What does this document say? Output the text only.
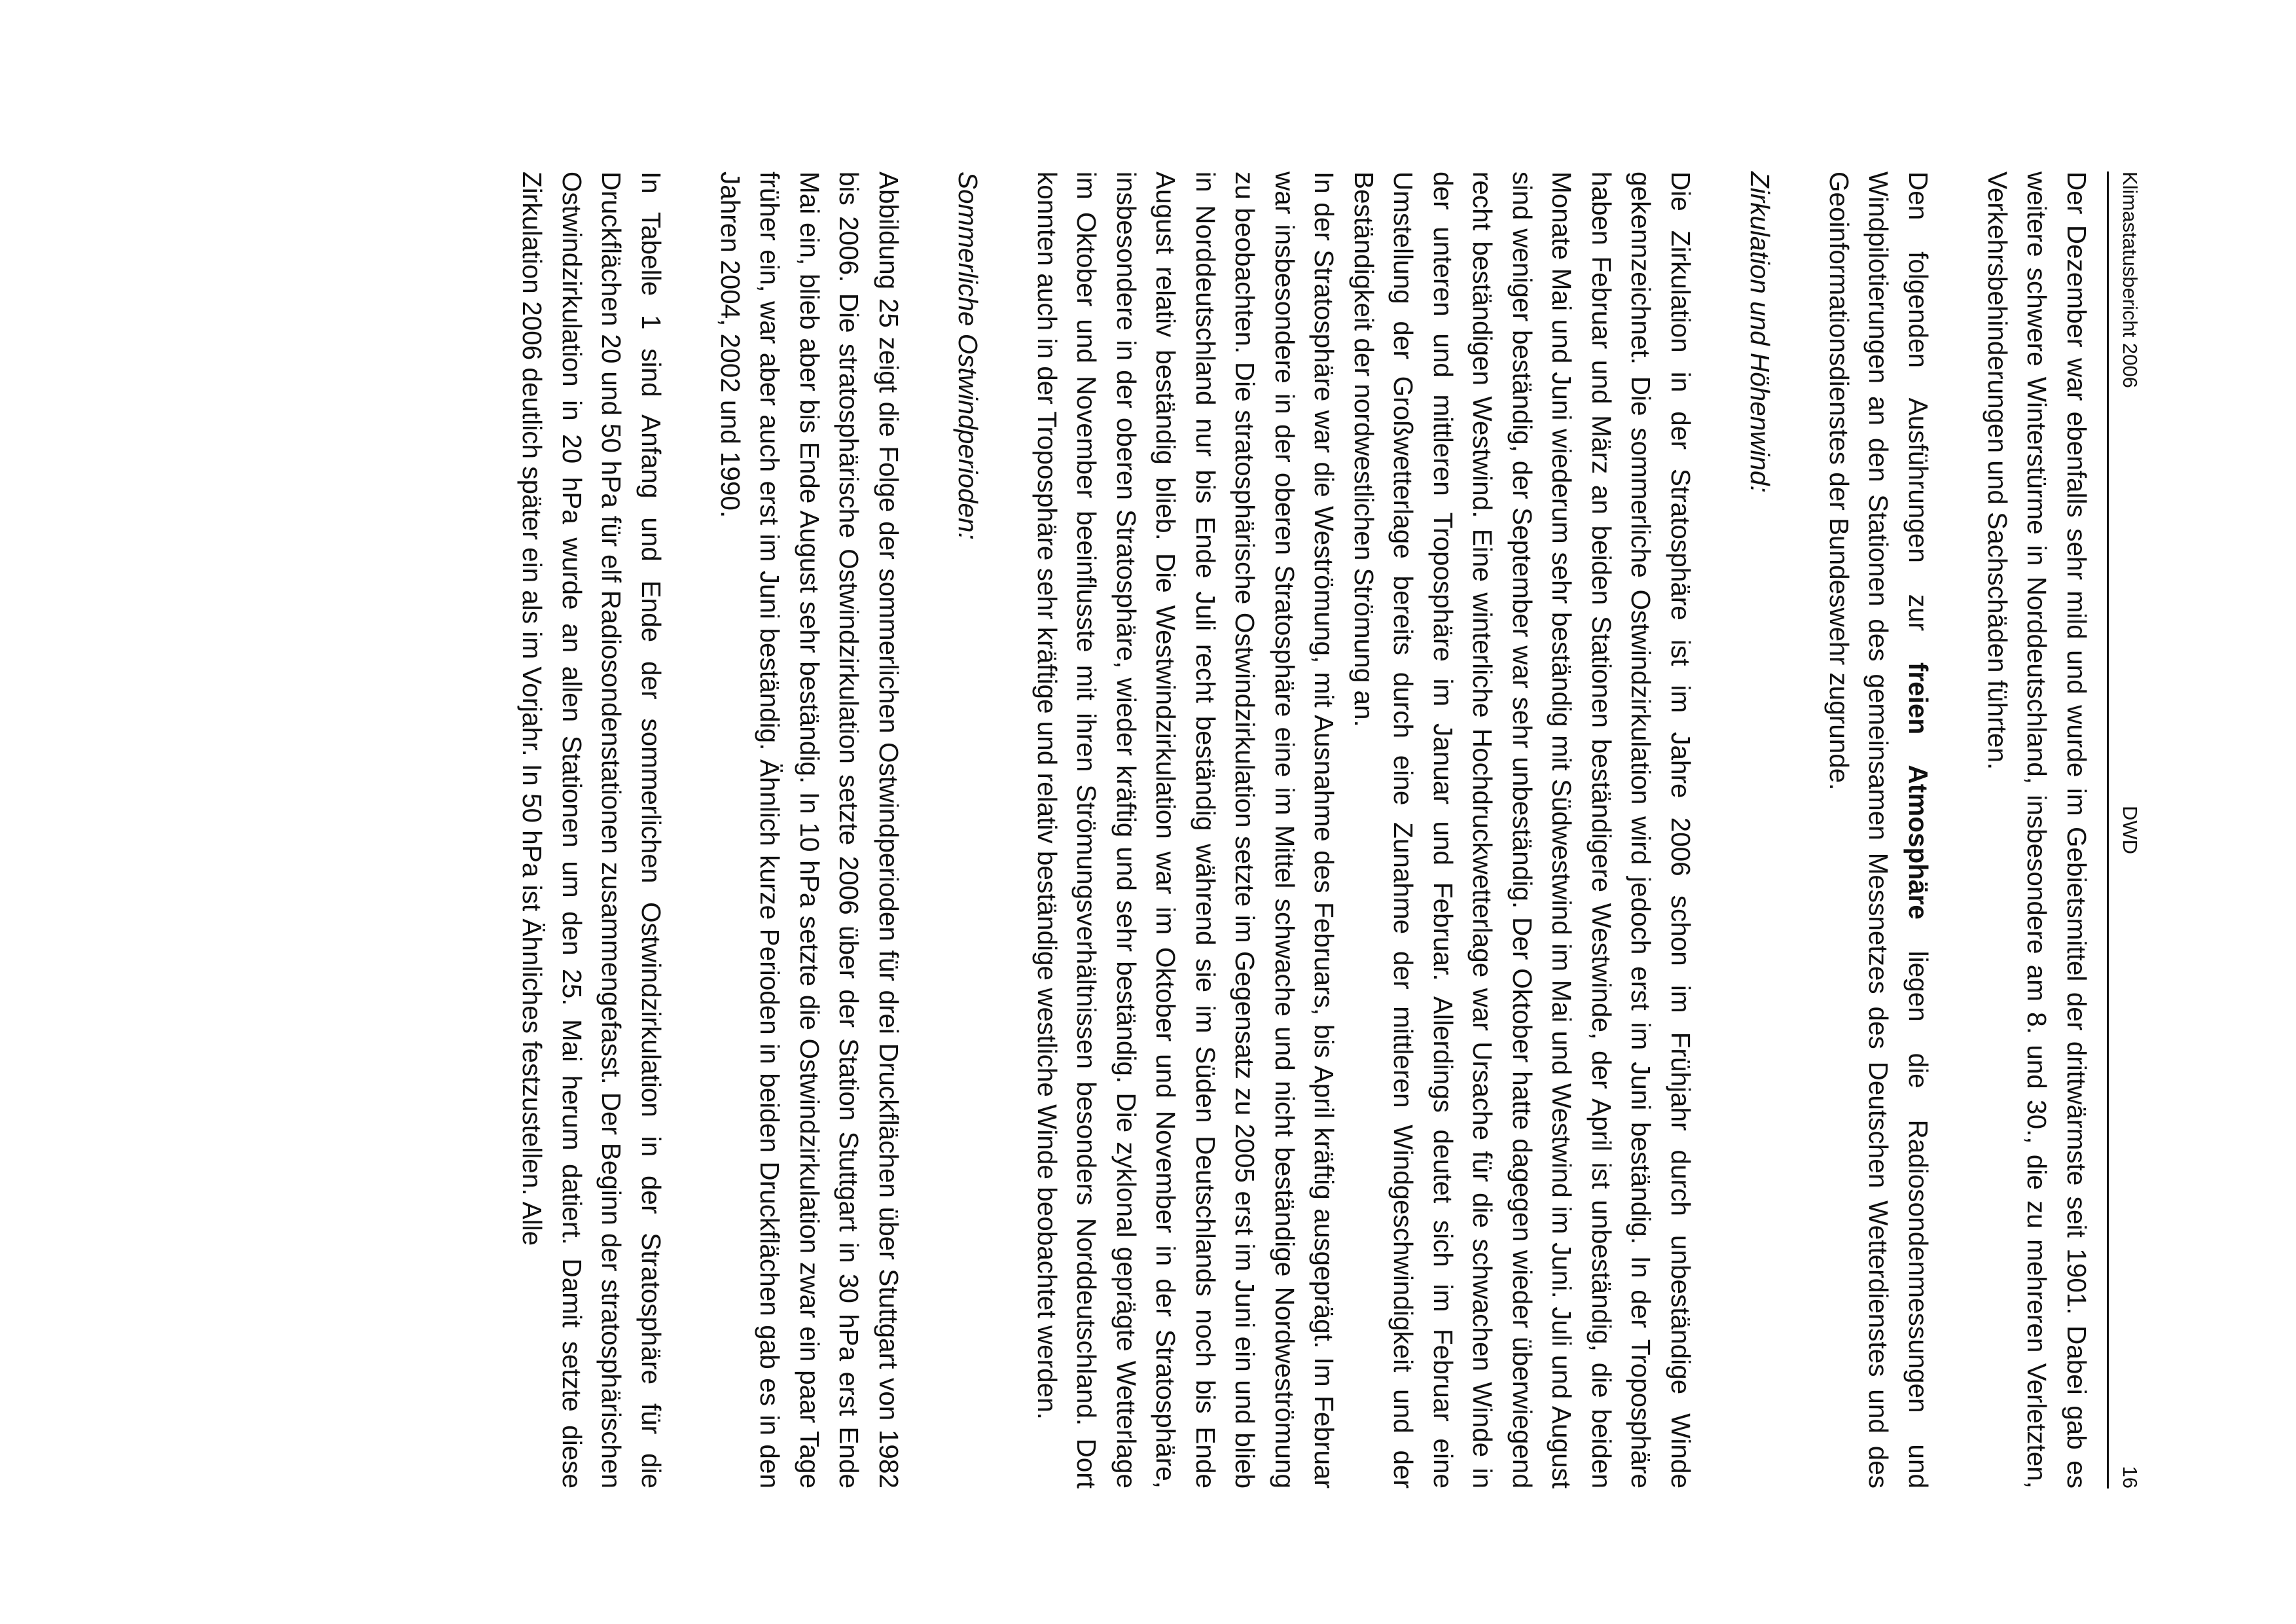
Klimastatusbericht 2006
DWD
16

Der Dezember war ebenfalls sehr mild und wurde im Gebietsmittel der drittwärmste seit 1901. Dabei gab es weitere schwere Winterstürme in Norddeutschland, insbesondere am 8. und 30., die zu mehreren Verletzten, Verkehrsbehinderungen und Sachschäden führten.

Den folgenden Ausführungen zur freien Atmosphäre liegen die Radiosondenmessungen und Windpilotierungen an den Stationen des gemeinsamen Messnetzes des Deutschen Wetterdienstes und des Geoinformationsdienstes der Bundeswehr zugrunde.

Zirkulation und Höhenwind:

Die Zirkulation in der Stratosphäre ist im Jahre 2006 schon im Frühjahr durch unbeständige Winde gekennzeichnet. Die sommerliche Ostwindzirkulation wird jedoch erst im Juni beständig. In der Troposphäre haben Februar und März an beiden Stationen beständigere Westwinde, der April ist unbeständig, die beiden Monate Mai und Juni wiederum sehr beständig mit Südwestwind im Mai und Westwind im Juni. Juli und August sind weniger beständig, der September war sehr unbeständig. Der Oktober hatte dagegen wieder überwiegend recht beständigen Westwind. Eine winterliche Hochdruckwetterlage war Ursache für die schwachen Winde in der unteren und mittleren Troposphäre im Januar und Februar. Allerdings deutet sich im Februar eine Umstellung der Großwetterlage bereits durch eine Zunahme der mittleren Windgeschwindigkeit und der Beständigkeit der nordwestlichen Strömung an.

In der Stratosphäre war die Weströmung, mit Ausnahme des Februars, bis April kräftig ausgeprägt. Im Februar war insbesondere in der oberen Stratosphäre eine im Mittel schwache und nicht beständige Nordweströmung zu beobachten. Die stratosphärische Ostwindzirkulation setzte im Gegensatz zu 2005 erst im Juni ein und blieb in Norddeutschland nur bis Ende Juli recht beständig während sie im Süden Deutschlands noch bis Ende August relativ beständig blieb. Die Westwindzirkulation war im Oktober und November in der Stratosphäre, insbesondere in der oberen Stratosphäre, wieder kräftig und sehr beständig. Die zyklonal geprägte Wetterlage im Oktober und November beeinflusste mit ihren Strömungsverhältnissen besonders Norddeutschland. Dort konnten auch in der Troposphäre sehr kräftige und relativ beständige westliche Winde beobachtet werden.

Sommerliche Ostwindperioden:

Abbildung 25 zeigt die Folge der sommerlichen Ostwindperioden für drei Druckflächen über Stuttgart von 1982 bis 2006. Die stratosphärische Ostwindzirkulation setzte 2006 über der Station Stuttgart in 30 hPa erst Ende Mai ein, blieb aber bis Ende August sehr beständig. In 10 hPa setzte die Ostwindzirkulation zwar ein paar Tage früher ein, war aber auch erst im Juni beständig. Ähnlich kurze Perioden in beiden Druckflächen gab es in den Jahren 2004, 2002 und 1990.

In Tabelle 1 sind Anfang und Ende der sommerlichen Ostwindzirkulation in der Stratosphäre für die Druckflächen 20 und 50 hPa für elf Radiosondenstationen zusammengefasst. Der Beginn der stratosphärischen Ostwindzirkulation in 20 hPa wurde an allen Stationen um den 25. Mai herum datiert. Damit setzte diese Zirkulation 2006 deutlich später ein als im Vorjahr. In 50 hPa ist Ähnliches festzustellen. Alle
